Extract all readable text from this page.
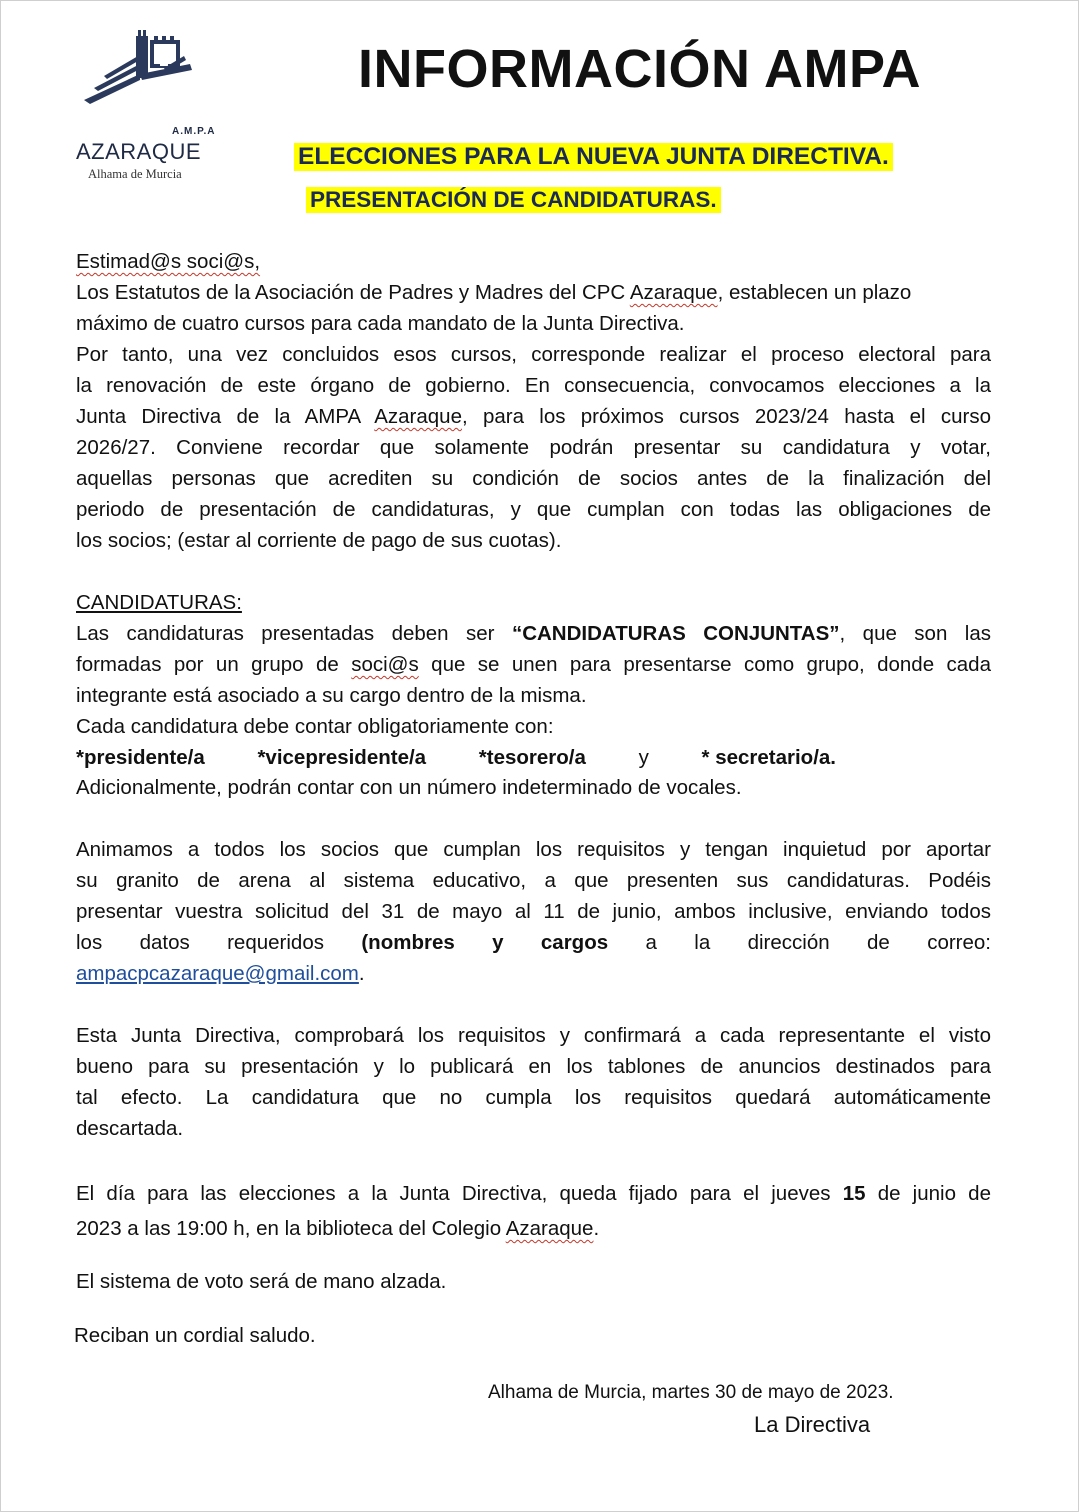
A.M.P.A
AZARAQUE
Alhama de Murcia
INFORMACIÓN AMPA
ELECCIONES PARA LA NUEVA JUNTA DIRECTIVA.
PRESENTACIÓN DE CANDIDATURAS.
Estimad@s soci@s,
Los Estatutos de la Asociación de Padres y Madres del CPC Azaraque, establecen un plazo
máximo de cuatro cursos para cada mandato de la Junta Directiva.
Por tanto, una vez concluidos esos cursos, corresponde realizar el proceso electoral para
la renovación de este órgano de gobierno. En consecuencia, convocamos elecciones a la
Junta Directiva de la AMPA Azaraque, para los próximos cursos 2023/24 hasta el curso
2026/27. Conviene recordar que solamente podrán presentar su candidatura y votar,
aquellas personas que acrediten su condición de socios antes de la finalización del
periodo de presentación de candidaturas, y que cumplan con todas las obligaciones de
los socios; (estar al corriente de pago de sus cuotas).
CANDIDATURAS:
Las candidaturas presentadas deben ser “CANDIDATURAS CONJUNTAS”, que son las
formadas por un grupo de soci@s que se unen para presentarse como grupo, donde cada
integrante está asociado a su cargo dentro de la misma.
Cada candidatura debe contar obligatoriamente con:
*presidente/a	*vicepresidente/a	*tesorero/a	y	* secretario/a.
Adicionalmente, podrán contar con un número indeterminado de vocales.
Animamos a todos los socios que cumplan los requisitos y tengan inquietud por aportar
su granito de arena al sistema educativo, a que presenten sus candidaturas. Podéis
presentar vuestra solicitud del 31 de mayo al 11 de junio, ambos inclusive, enviando todos
los datos requeridos (nombres y cargos a la dirección de correo:
ampacpcazaraque@gmail.com.
Esta Junta Directiva, comprobará los requisitos y confirmará a cada representante el visto
bueno para su presentación y lo publicará en los tablones de anuncios destinados para
tal efecto. La candidatura que no cumpla los requisitos quedará automáticamente
descartada.
El día para las elecciones a la Junta Directiva, queda fijado para el jueves 15 de junio de
2023 a las 19:00 h, en la biblioteca del Colegio Azaraque.
El sistema de voto será de mano alzada.
Reciban un cordial saludo.
Alhama de Murcia, martes 30 de mayo de 2023.
La Directiva
